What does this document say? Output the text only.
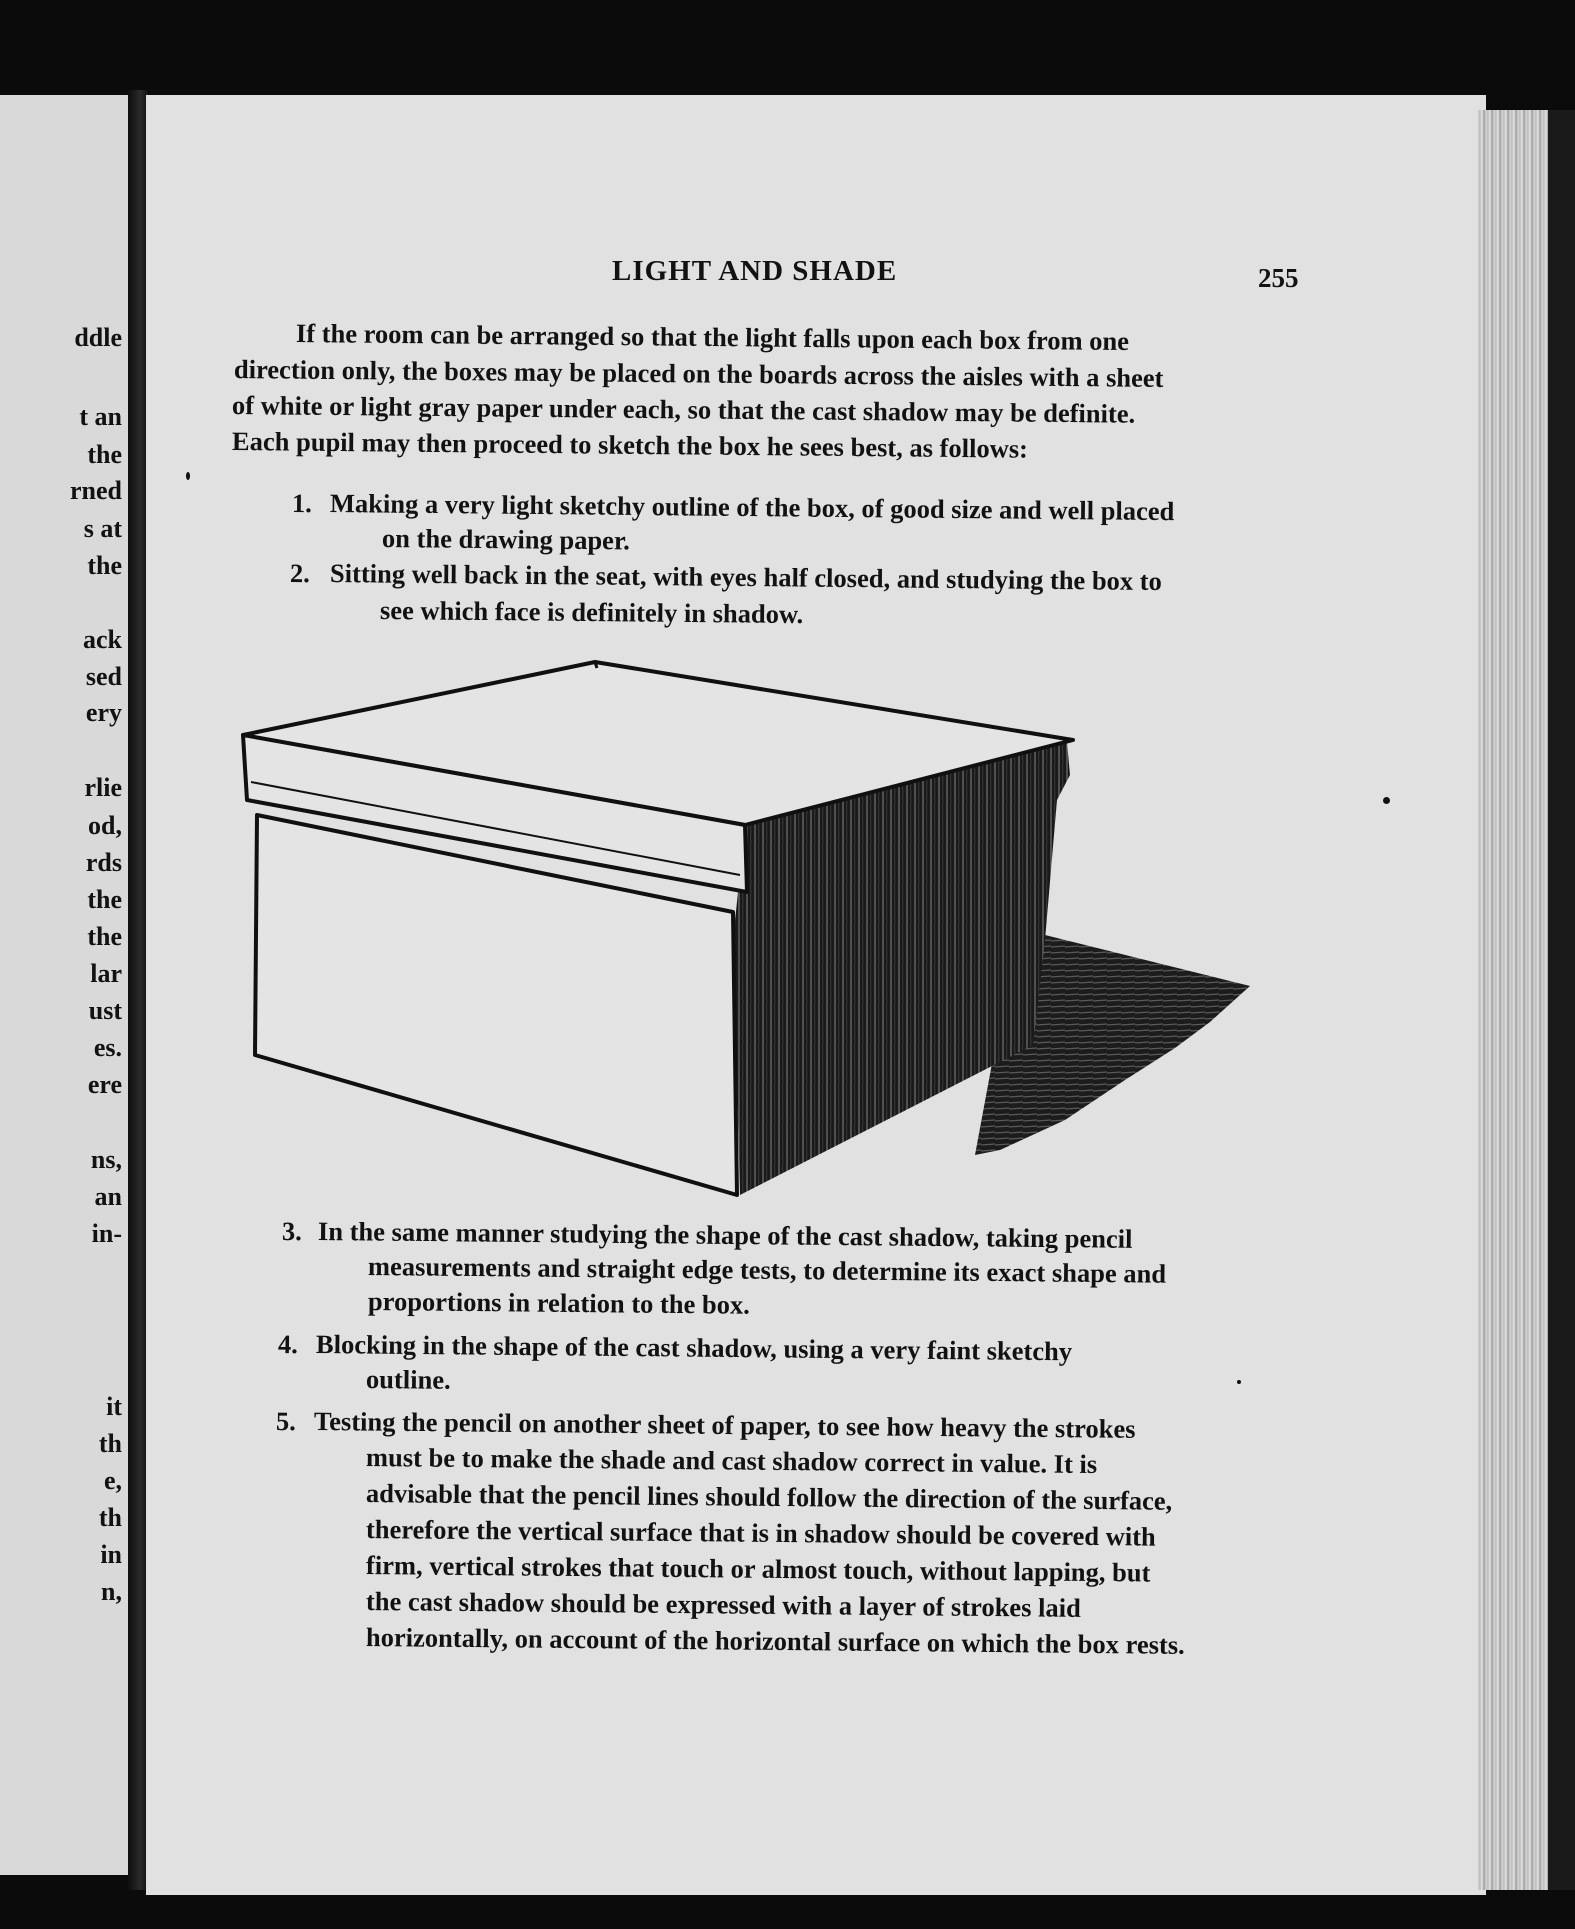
ddle
t an
the
rned
s at
the
ack
sed
ery
rlie
od,
rds
the
the
lar
ust
es.
ere
ns,
an
in-
it
th
e,
th
in
n,
LIGHT AND SHADE	255
If the room can be arranged so that the light falls upon each box from one
direction only, the boxes may be placed on the boards across the aisles with a sheet
of white or light gray paper under each, so that the cast shadow may be definite.
Each pupil may then proceed to sketch the box he sees best, as follows:
1. Making a very light sketchy outline of the box, of good size and well placed
on the drawing paper.
2. Sitting well back in the seat, with eyes half closed, and studying the box to
see which face is definitely in shadow.
3. In the same manner studying the shape of the cast shadow, taking pencil
measurements and straight edge tests, to determine its exact shape and
proportions in relation to the box.
4. Blocking in the shape of the cast shadow, using a very faint sketchy
outline.
5. Testing the pencil on another sheet of paper, to see how heavy the strokes
must be to make the shade and cast shadow correct in value. It is
advisable that the pencil lines should follow the direction of the surface,
therefore the vertical surface that is in shadow should be covered with
firm, vertical strokes that touch or almost touch, without lapping, but
the cast shadow should be expressed with a layer of strokes laid
horizontally, on account of the horizontal surface on which the box rests.
